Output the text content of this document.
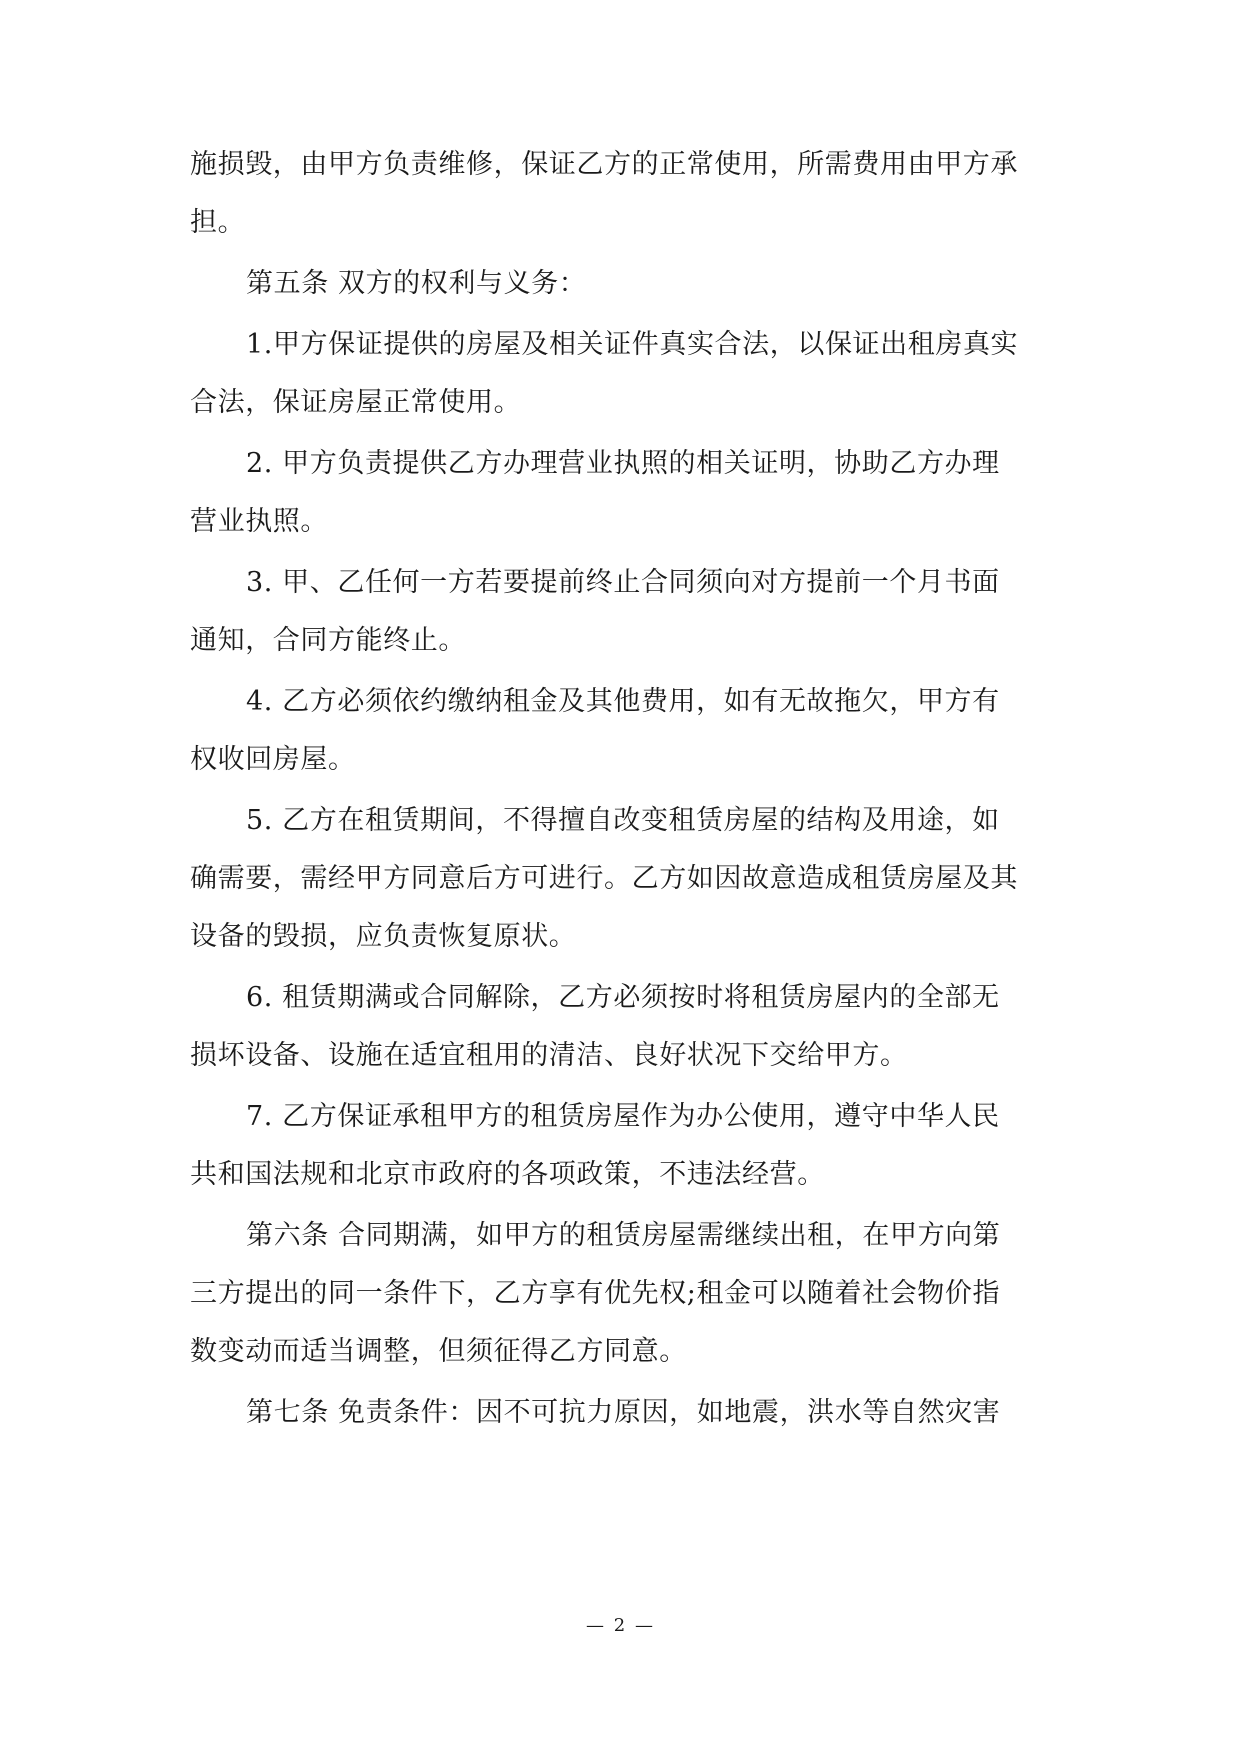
施损毁，由甲方负责维修，保证乙方的正常使用，所需费用由甲方承
担。
第五条 双方的权利与义务：
1.甲方保证提供的房屋及相关证件真实合法，以保证出租房真实
合法，保证房屋正常使用。
2. 甲方负责提供乙方办理营业执照的相关证明，协助乙方办理
营业执照。
3. 甲、乙任何一方若要提前终止合同须向对方提前一个月书面
通知，合同方能终止。
4. 乙方必须依约缴纳租金及其他费用，如有无故拖欠，甲方有
权收回房屋。
5. 乙方在租赁期间，不得擅自改变租赁房屋的结构及用途，如
确需要，需经甲方同意后方可进行。乙方如因故意造成租赁房屋及其
设备的毁损，应负责恢复原状。
6. 租赁期满或合同解除，乙方必须按时将租赁房屋内的全部无
损坏设备、设施在适宜租用的清洁、良好状况下交给甲方。
7. 乙方保证承租甲方的租赁房屋作为办公使用，遵守中华人民
共和国法规和北京市政府的各项政策，不违法经营。
第六条 合同期满，如甲方的租赁房屋需继续出租，在甲方向第
三方提出的同一条件下，乙方享有优先权;租金可以随着社会物价指
数变动而适当调整，但须征得乙方同意。
第七条 免责条件：因不可抗力原因，如地震，洪水等自然灾害
— 2 —
